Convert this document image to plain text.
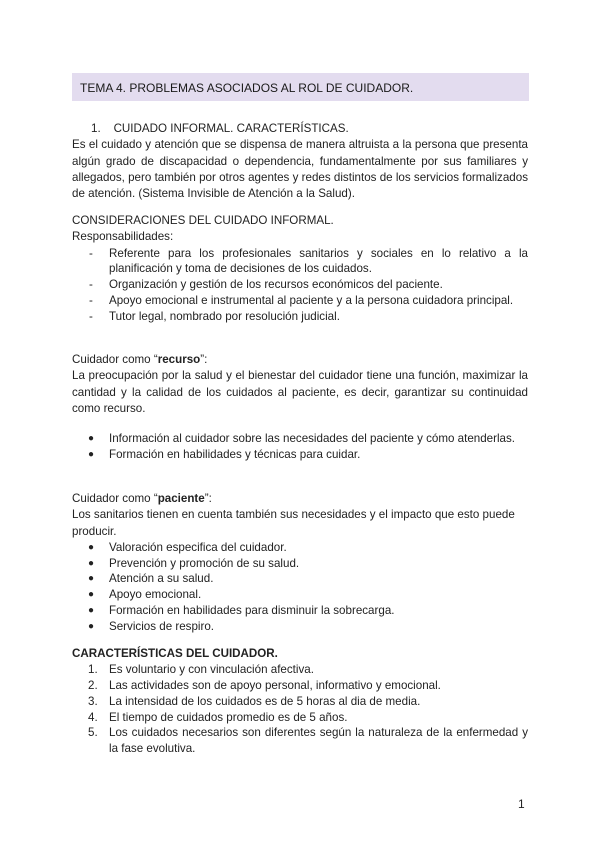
TEMA 4. PROBLEMAS ASOCIADOS AL ROL DE CUIDADOR.
1. CUIDADO INFORMAL. CARACTERÍSTICAS.
Es el cuidado y atención que se dispensa de manera altruista a la persona que presenta algún grado de discapacidad o dependencia, fundamentalmente por sus familiares y allegados, pero también por otros agentes y redes distintos de los servicios formalizados de atención. (Sistema Invisible de Atención a la Salud).
CONSIDERACIONES DEL CUIDADO INFORMAL.
Responsabilidades:
- Referente para los profesionales sanitarios y sociales en lo relativo a la planificación y toma de decisiones de los cuidados.
- Organización y gestión de los recursos económicos del paciente.
- Apoyo emocional e instrumental al paciente y a la persona cuidadora principal.
- Tutor legal, nombrado por resolución judicial.
Cuidador como “recurso”:
La preocupación por la salud y el bienestar del cuidador tiene una función, maximizar la cantidad y la calidad de los cuidados al paciente, es decir, garantizar su continuidad como recurso.
● Información al cuidador sobre las necesidades del paciente y cómo atenderlas.
● Formación en habilidades y técnicas para cuidar.
Cuidador como “paciente”:
Los sanitarios tienen en cuenta también sus necesidades y el impacto que esto puede producir.
● Valoración especifica del cuidador.
● Prevención y promoción de su salud.
● Atención a su salud.
● Apoyo emocional.
● Formación en habilidades para disminuir la sobrecarga.
● Servicios de respiro.
CARACTERÍSTICAS DEL CUIDADOR.
1. Es voluntario y con vinculación afectiva.
2. Las actividades son de apoyo personal, informativo y emocional.
3. La intensidad de los cuidados es de 5 horas al dia de media.
4. El tiempo de cuidados promedio es de 5 años.
5. Los cuidados necesarios son diferentes según la naturaleza de la enfermedad y la fase evolutiva.
1
